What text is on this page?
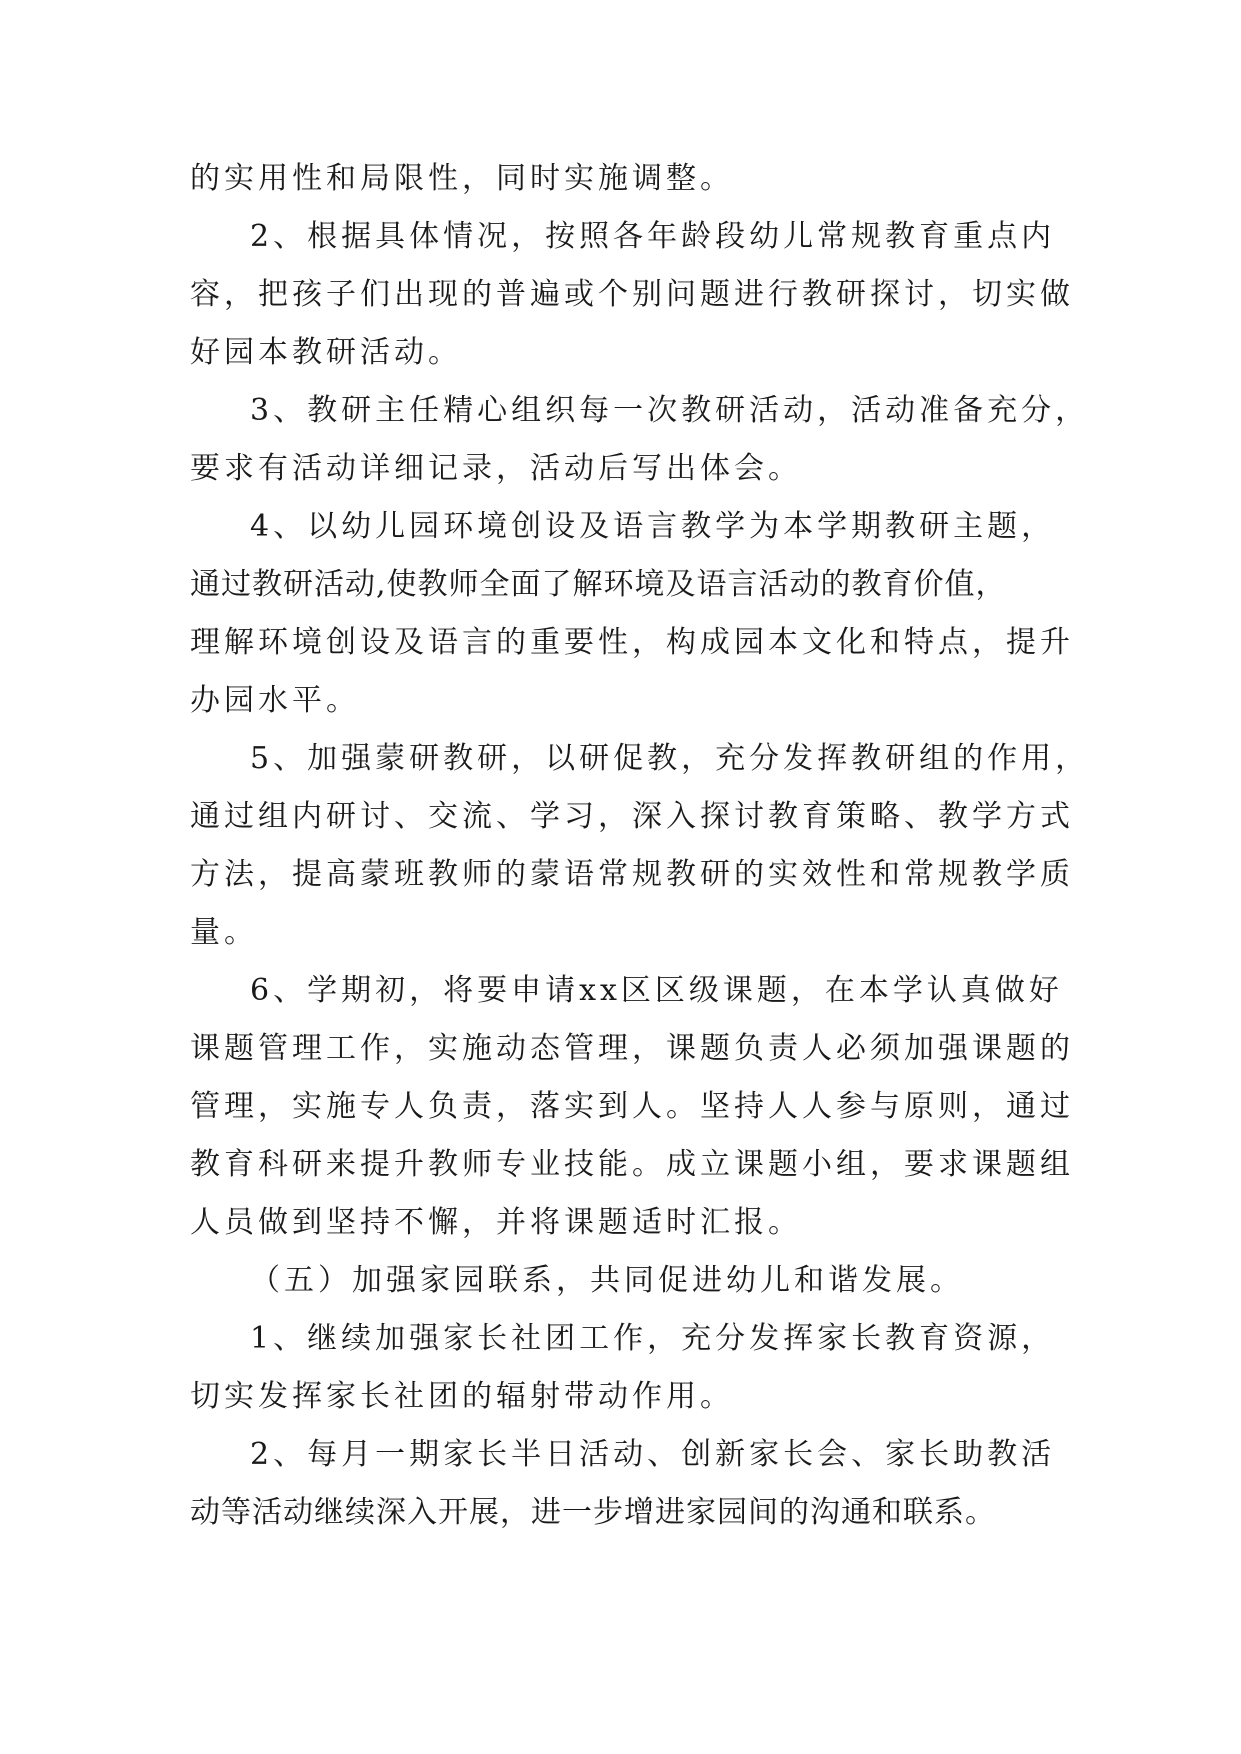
的实用性和局限性，同时实施调整。
2、根据具体情况，按照各年龄段幼儿常规教育重点内
容，把孩子们出现的普遍或个别问题进行教研探讨，切实做
好园本教研活动。
3、教研主任精心组织每一次教研活动，活动准备充分，
要求有活动详细记录，活动后写出体会。
4、以幼儿园环境创设及语言教学为本学期教研主题，
通过教研活动,使教师全面了解环境及语言活动的教育价值，
理解环境创设及语言的重要性，构成园本文化和特点，提升
办园水平。
5、加强蒙研教研，以研促教，充分发挥教研组的作用，
通过组内研讨、交流、学习，深入探讨教育策略、教学方式
方法，提高蒙班教师的蒙语常规教研的实效性和常规教学质
量。
6、学期初，将要申请xx区区级课题，在本学认真做好
课题管理工作，实施动态管理，课题负责人必须加强课题的
管理，实施专人负责，落实到人。坚持人人参与原则，通过
教育科研来提升教师专业技能。成立课题小组，要求课题组
人员做到坚持不懈，并将课题适时汇报。
（五）加强家园联系，共同促进幼儿和谐发展。
1、继续加强家长社团工作，充分发挥家长教育资源，
切实发挥家长社团的辐射带动作用。
2、每月一期家长半日活动、创新家长会、家长助教活
动等活动继续深入开展，进一步增进家园间的沟通和联系。
